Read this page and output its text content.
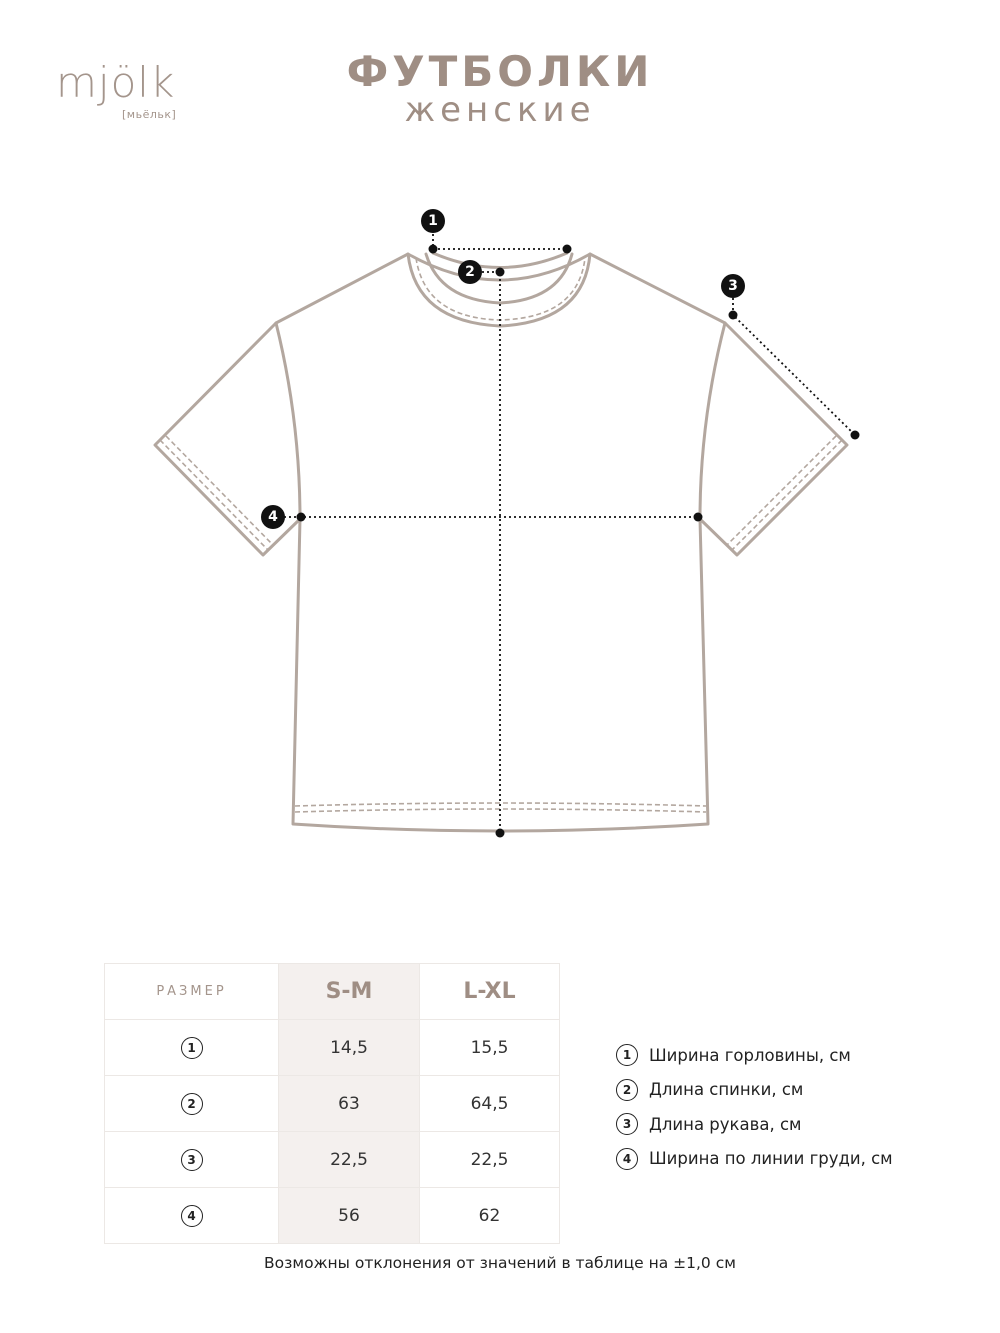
mjölk
[мьёльк]
ФУТБОЛКИ
женские
1
2
3
4
РАЗМЕР	S-M	L-XL
1	14,5	15,5
2	63	64,5
3	22,5	22,5
4	56	62
1	Ширина горловины, см
2	Длина спинки, см
3	Длина рукава, см
4	Ширина по линии груди, см
Возможны отклонения от значений в таблице на ±1,0 см
